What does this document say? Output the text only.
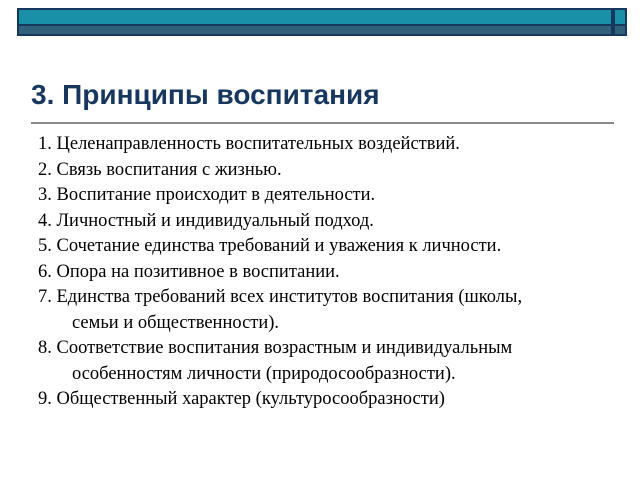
3. Принципы воспитания
1. Целенаправленность воспитательных воздействий.
2. Связь воспитания с жизнью.
3. Воспитание происходит в деятельности.
4. Личностный и индивидуальный подход.
5. Сочетание единства требований и уважения к личности.
6. Опора на позитивное в воспитании.
7. Единства требований всех институтов воспитания (школы,
семьи и общественности).
8. Соответствие воспитания возрастным и индивидуальным
особенностям личности (природосообразности).
9. Общественный характер (культуросообразности)
